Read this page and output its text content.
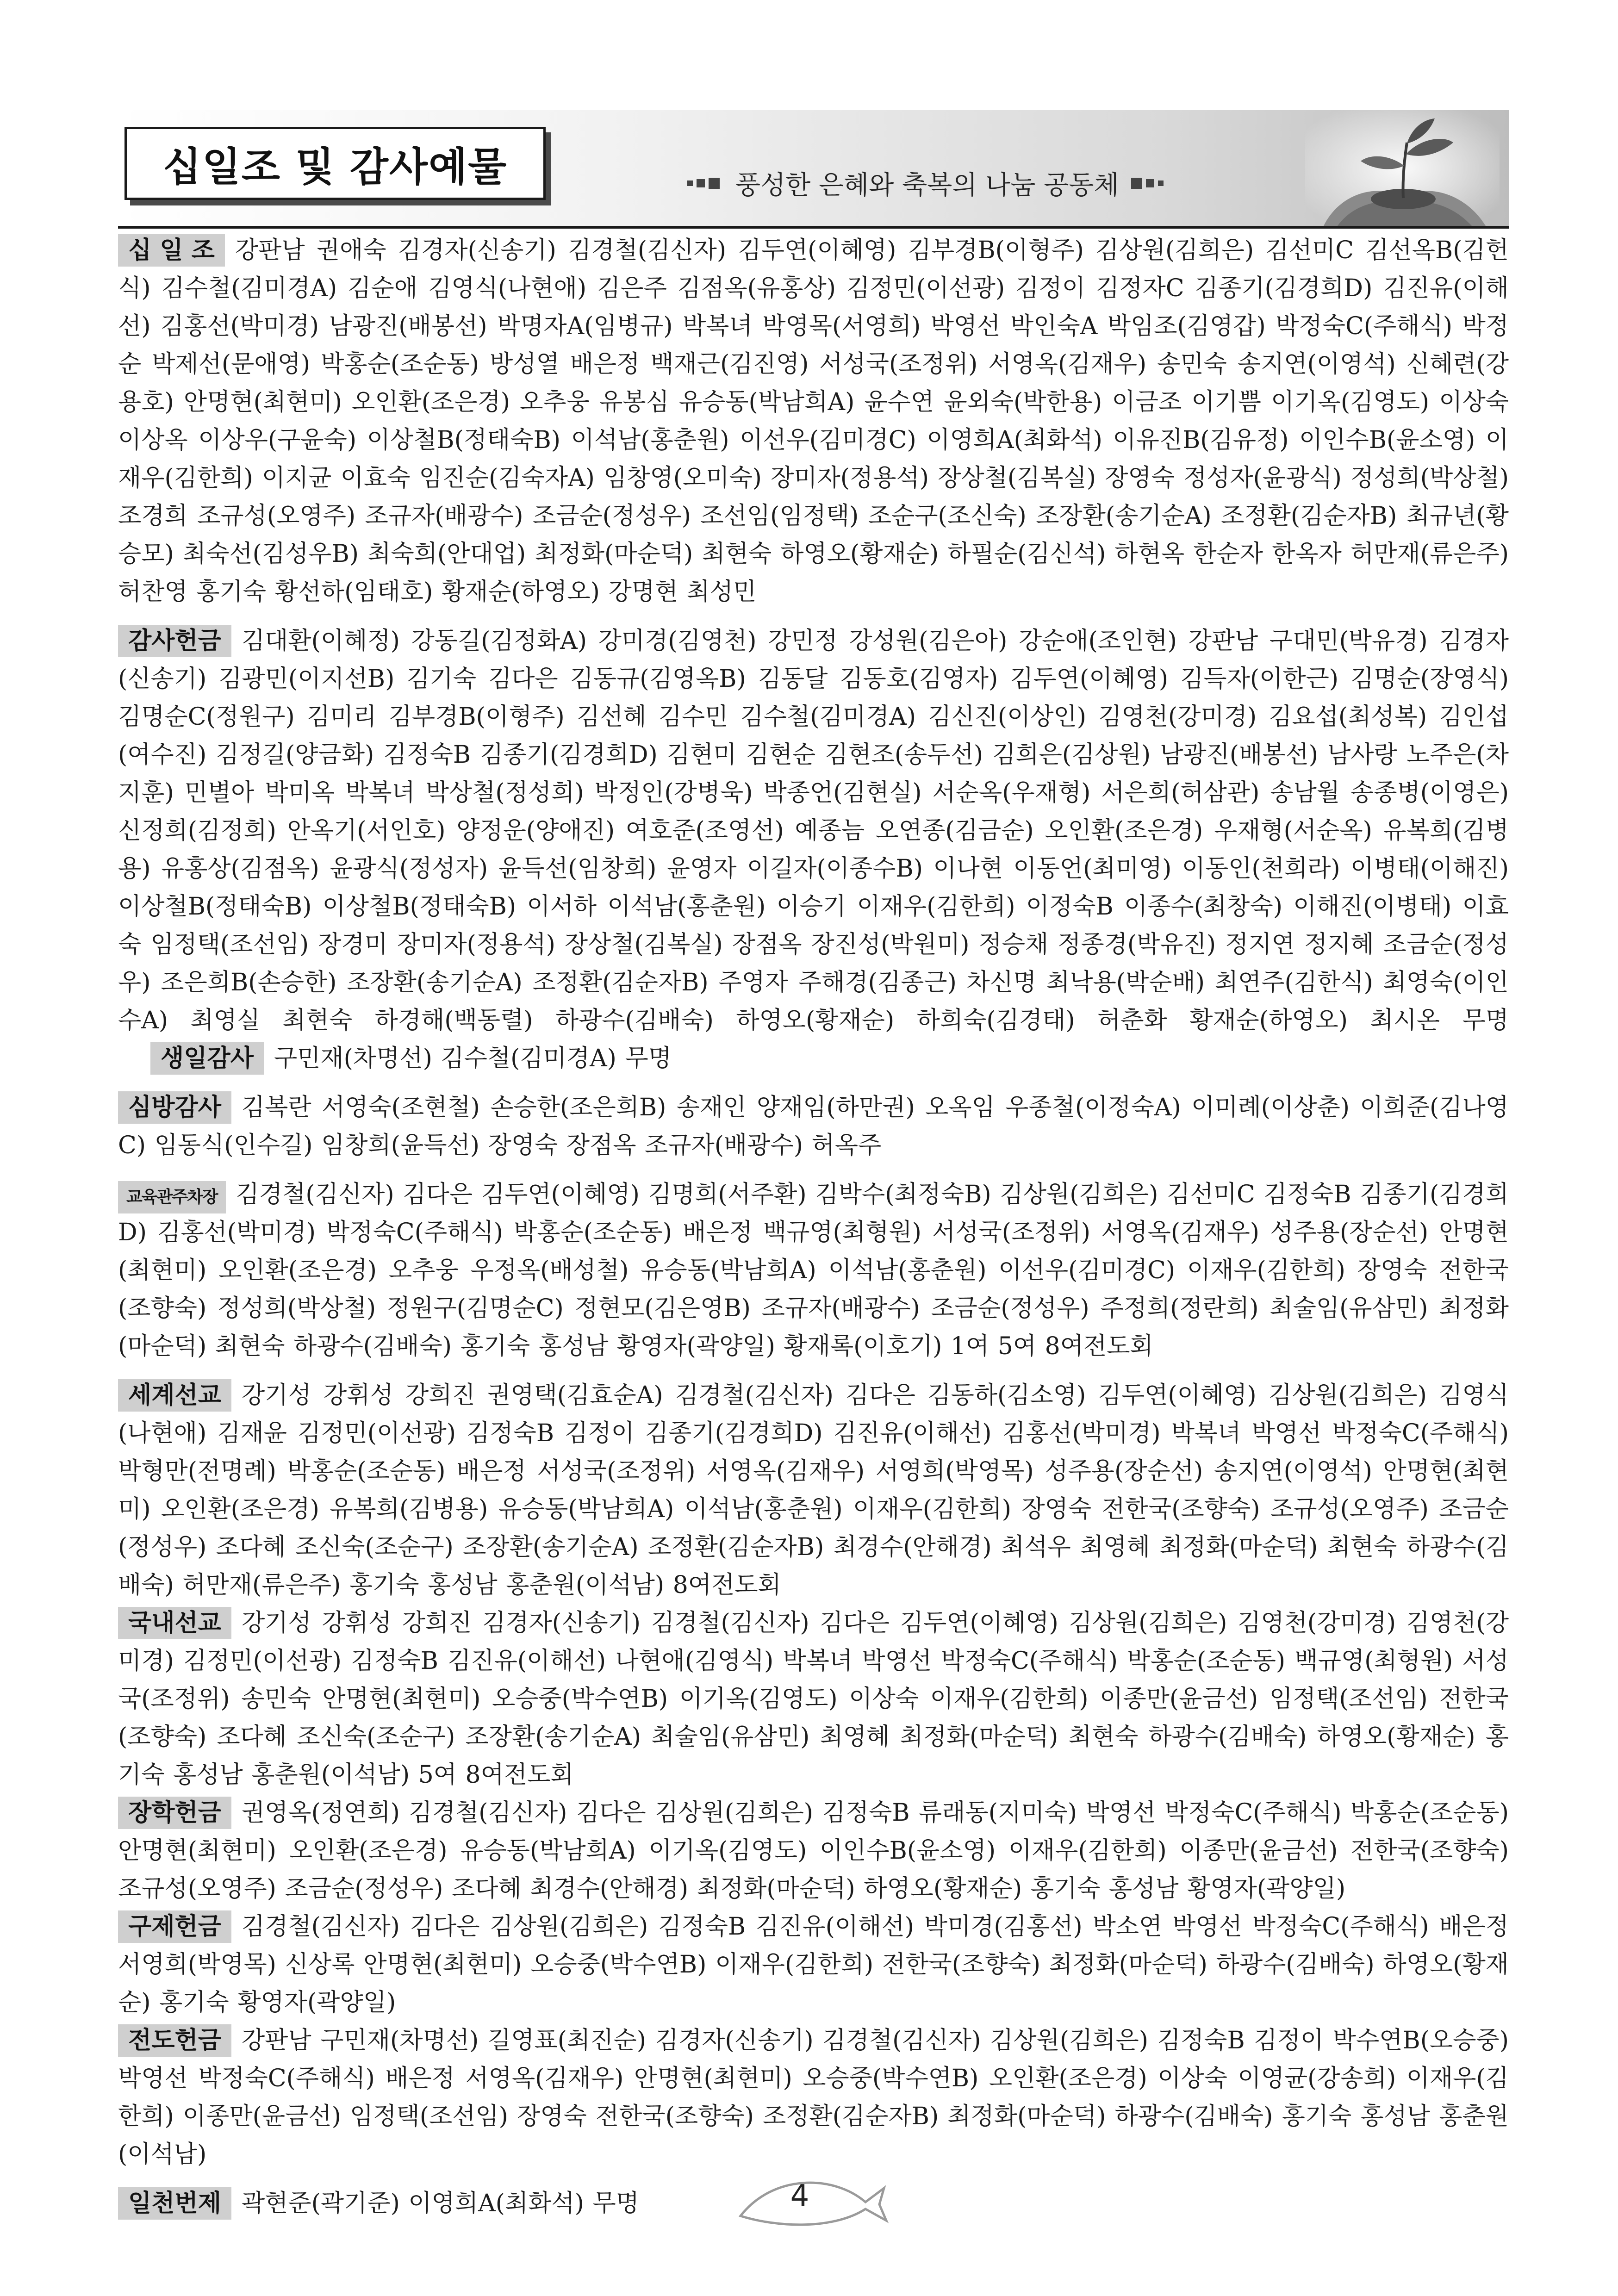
십일조 및 감사예물	풍성한 은혜와 축복의 나눔 공동체
십 일 조 강판남 권애숙 김경자(신송기) 김경철(김신자) 김두연(이혜영) 김부경B(이형주) 김상원(김희은) 김선미C 김선옥B(김헌식) 김수철(김미경A) 김순애 김영식(나현애) 김은주 김점옥(유홍상) 김정민(이선광) 김정이 김정자C 김종기(김경희D) 김진유(이해선) 김홍선(박미경) 남광진(배봉선) 박명자A(임병규) 박복녀 박영목(서영희) 박영선 박인숙A 박임조(김영갑) 박정숙C(주해식) 박정순 박제선(문애영) 박홍순(조순동) 방성열 배은정 백재근(김진영) 서성국(조정위) 서영옥(김재우) 송민숙 송지연(이영석) 신혜련(강용호) 안명현(최현미) 오인환(조은경) 오추웅 유봉심 유승동(박남희A) 윤수연 윤외숙(박한용) 이금조 이기쁨 이기옥(김영도) 이상숙 이상옥 이상우(구윤숙) 이상철B(정태숙B) 이석남(홍춘원) 이선우(김미경C) 이영희A(최화석) 이유진B(김유정) 이인수B(윤소영) 이재우(김한희) 이지균 이효숙 임진순(김숙자A) 임창영(오미숙) 장미자(정용석) 장상철(김복실) 장영숙 정성자(윤광식) 정성희(박상철) 조경희 조규성(오영주) 조규자(배광수) 조금순(정성우) 조선임(임정택) 조순구(조신숙) 조장환(송기순A) 조정환(김순자B) 최규년(황승모) 최숙선(김성우B) 최숙희(안대업) 최정화(마순덕) 최현숙 하영오(황재순) 하필순(김신석) 하현옥 한순자 한옥자 허만재(류은주) 허찬영 홍기숙 황선하(임태호) 황재순(하영오) 강명현 최성민
감사헌금 김대환(이혜정) 강동길(김정화A) 강미경(김영천) 강민정 강성원(김은아) 강순애(조인현) 강판남 구대민(박유경) 김경자(신송기) 김광민(이지선B) 김기숙 김다은 김동규(김영옥B) 김동달 김동호(김영자) 김두연(이혜영) 김득자(이한근) 김명순(장영식) 김명순C(정원구) 김미리 김부경B(이형주) 김선혜 김수민 김수철(김미경A) 김신진(이상인) 김영천(강미경) 김요섭(최성복) 김인섭(여수진) 김정길(양금화) 김정숙B 김종기(김경희D) 김현미 김현순 김현조(송두선) 김희은(김상원) 남광진(배봉선) 남사랑 노주은(차지훈) 민별아 박미옥 박복녀 박상철(정성희) 박정인(강병욱) 박종언(김현실) 서순옥(우재형) 서은희(허삼관) 송남월 송종병(이영은) 신정희(김정희) 안옥기(서인호) 양정운(양애진) 여호준(조영선) 예종늠 오연종(김금순) 오인환(조은경) 우재형(서순옥) 유복희(김병용) 유홍상(김점옥) 윤광식(정성자) 윤득선(임창희) 윤영자 이길자(이종수B) 이나현 이동언(최미영) 이동인(천희라) 이병태(이해진) 이상철B(정태숙B) 이상철B(정태숙B) 이서하 이석남(홍춘원) 이승기 이재우(김한희) 이정숙B 이종수(최창숙) 이해진(이병태) 이효숙 임정택(조선임) 장경미 장미자(정용석) 장상철(김복실) 장점옥 장진성(박원미) 정승채 정종경(박유진) 정지연 정지혜 조금순(정성우) 조은희B(손승한) 조장환(송기순A) 조정환(김순자B) 주영자 주해경(김종근) 차신명 최낙용(박순배) 최연주(김한식) 최영숙(이인수A) 최영실 최현숙 하경해(백동렬) 하광수(김배숙) 하영오(황재순) 하희숙(김경태) 허춘화 황재순(하영오) 최시온 무명생일감사 구민재(차명선) 김수철(김미경A) 무명
심방감사 김복란 서영숙(조현철) 손승한(조은희B) 송재인 양재임(하만권) 오옥임 우종철(이정숙A) 이미례(이상춘) 이희준(김나영C) 임동식(인수길) 임창희(윤득선) 장영숙 장점옥 조규자(배광수) 허옥주
교육관주차장 김경철(김신자) 김다은 김두연(이혜영) 김명희(서주환) 김박수(최정숙B) 김상원(김희은) 김선미C 김정숙B 김종기(김경희D) 김홍선(박미경) 박정숙C(주해식) 박홍순(조순동) 배은정 백규영(최형원) 서성국(조정위) 서영옥(김재우) 성주용(장순선) 안명현(최현미) 오인환(조은경) 오추웅 우정옥(배성철) 유승동(박남희A) 이석남(홍춘원) 이선우(김미경C) 이재우(김한희) 장영숙 전한국(조향숙) 정성희(박상철) 정원구(김명순C) 정현모(김은영B) 조규자(배광수) 조금순(정성우) 주정희(정란희) 최술임(유삼민) 최정화(마순덕) 최현숙 하광수(김배숙) 홍기숙 홍성남 황영자(곽양일) 황재록(이호기) 1여 5여 8여전도회
세계선교 강기성 강휘성 강희진 권영택(김효순A) 김경철(김신자) 김다은 김동하(김소영) 김두연(이혜영) 김상원(김희은) 김영식(나현애) 김재윤 김정민(이선광) 김정숙B 김정이 김종기(김경희D) 김진유(이해선) 김홍선(박미경) 박복녀 박영선 박정숙C(주해식) 박형만(전명례) 박홍순(조순동) 배은정 서성국(조정위) 서영옥(김재우) 서영희(박영목) 성주용(장순선) 송지연(이영석) 안명현(최현미) 오인환(조은경) 유복희(김병용) 유승동(박남희A) 이석남(홍춘원) 이재우(김한희) 장영숙 전한국(조향숙) 조규성(오영주) 조금순(정성우) 조다혜 조신숙(조순구) 조장환(송기순A) 조정환(김순자B) 최경수(안해경) 최석우 최영혜 최정화(마순덕) 최현숙 하광수(김배숙) 허만재(류은주) 홍기숙 홍성남 홍춘원(이석남) 8여전도회
국내선교 강기성 강휘성 강희진 김경자(신송기) 김경철(김신자) 김다은 김두연(이혜영) 김상원(김희은) 김영천(강미경) 김영천(강미경) 김정민(이선광) 김정숙B 김진유(이해선) 나현애(김영식) 박복녀 박영선 박정숙C(주해식) 박홍순(조순동) 백규영(최형원) 서성국(조정위) 송민숙 안명현(최현미) 오승중(박수연B) 이기옥(김영도) 이상숙 이재우(김한희) 이종만(윤금선) 임정택(조선임) 전한국(조향숙) 조다혜 조신숙(조순구) 조장환(송기순A) 최술임(유삼민) 최영혜 최정화(마순덕) 최현숙 하광수(김배숙) 하영오(황재순) 홍기숙 홍성남 홍춘원(이석남) 5여 8여전도회
장학헌금 권영옥(정연희) 김경철(김신자) 김다은 김상원(김희은) 김정숙B 류래동(지미숙) 박영선 박정숙C(주해식) 박홍순(조순동) 안명현(최현미) 오인환(조은경) 유승동(박남희A) 이기옥(김영도) 이인수B(윤소영) 이재우(김한희) 이종만(윤금선) 전한국(조향숙) 조규성(오영주) 조금순(정성우) 조다혜 최경수(안해경) 최정화(마순덕) 하영오(황재순) 홍기숙 홍성남 황영자(곽양일)
구제헌금 김경철(김신자) 김다은 김상원(김희은) 김정숙B 김진유(이해선) 박미경(김홍선) 박소연 박영선 박정숙C(주해식) 배은정 서영희(박영목) 신상록 안명현(최현미) 오승중(박수연B) 이재우(김한희) 전한국(조향숙) 최정화(마순덕) 하광수(김배숙) 하영오(황재순) 홍기숙 황영자(곽양일)
전도헌금 강판남 구민재(차명선) 길영표(최진순) 김경자(신송기) 김경철(김신자) 김상원(김희은) 김정숙B 김정이 박수연B(오승중) 박영선 박정숙C(주해식) 배은정 서영옥(김재우) 안명현(최현미) 오승중(박수연B) 오인환(조은경) 이상숙 이영균(강송희) 이재우(김한희) 이종만(윤금선) 임정택(조선임) 장영숙 전한국(조향숙) 조정환(김순자B) 최정화(마순덕) 하광수(김배숙) 홍기숙 홍성남 홍춘원(이석남)
일천번제 곽현준(곽기준) 이영희A(최화석) 무명	4
